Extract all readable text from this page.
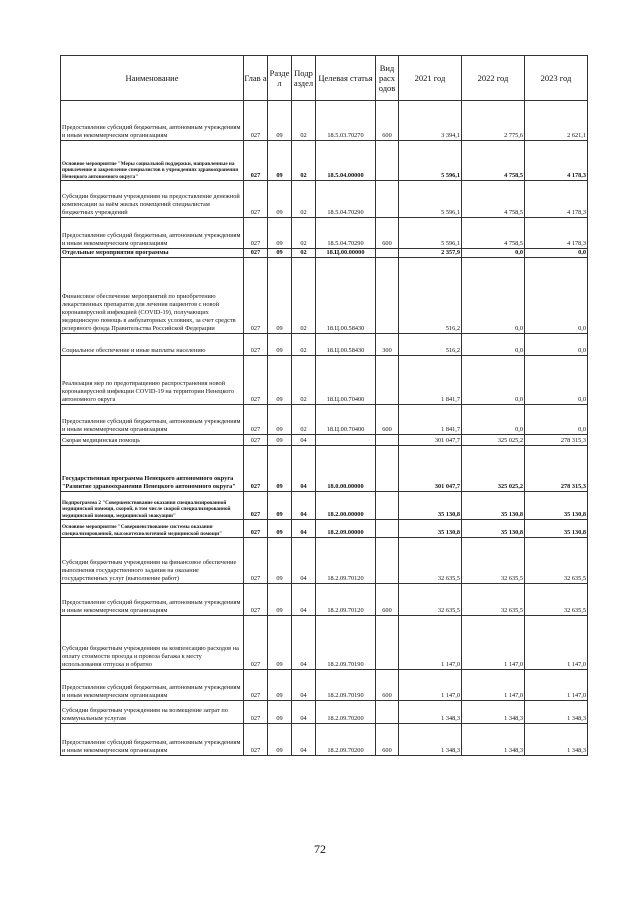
Наименование	Глав а	Разде л	Подр аздел	Целевая статья	Вид расх одов	2021 год	2022 год	2023 год
Предоставление субсидий бюджетным, автономным учреждениям и иным некоммерческим организациям	027	09	02	18.5.03.70270	600	3 394,1	2 775,6	2 621,1
Основное мероприятие "Меры социальной поддержки, направленные на привлечение и закрепление специалистов в учреждениях здравоохранения Ненецкого автономного округа"	027	09	02	18.5.04.00000		5 596,1	4 758,5	4 178,3
Субсидии бюджетным учреждениям на предоставление денежной компенсации за наём жилых помещений специалистам бюджетных учреждений	027	09	02	18.5.04.70290		5 596,1	4 758,5	4 178,3
Предоставление субсидий бюджетным, автономным учреждениям и иным некоммерческим организациям	027	09	02	18.5.04.70290	600	5 596,1	4 758,5	4 178,3
Отдельные мероприятия программы	027	09	02	18.Ц.00.00000		2 357,9	0,0	0,0
Финансовое обеспечение мероприятий по приобретению лекарственных препаратов для лечения пациентов с новой коронавирусной инфекцией (COVID-19), получающих медицинскую помощь в амбулаторных условиях, за счет средств резервного фонда Правительства Российской Федерации	027	09	02	18.Ц.00.58430		516,2	0,0	0,0
Социальное обеспечение и иные выплаты населению	027	09	02	18.Ц.00.58430	300	516,2	0,0	0,0
Реализация мер по предотвращению распространения новой коронавирусной инфекции COVID-19 на территории Ненецкого автономного округа	027	09	02	18.Ц.00.70400		1 841,7	0,0	0,0
Предоставление субсидий бюджетным, автономным учреждениям и иным некоммерческим организациям	027	09	02	18.Ц.00.70400	600	1 841,7	0,0	0,0
Скорая медицинская помощь	027	09	04			301 047,7	325 025,2	278 315,3
Государственная программа Ненецкого автономного округа "Развитие здравоохранения Ненецкого автономного округа"	027	09	04	18.0.00.00000		301 047,7	325 025,2	278 315,3
Подпрограмма 2 "Совершенствование оказания специализированной медицинской помощи, скорой, в том числе скорой специализированной медицинской помощи, медицинской эвакуации"	027	09	04	18.2.00.00000		35 130,8	35 130,8	35 130,8
Основное мероприятие "Совершенствование системы оказания специализированной, высокотехнологичной медицинской помощи"	027	09	04	18.2.09.00000		35 130,8	35 130,8	35 130,8
Субсидии бюджетным учреждениям на финансовое обеспечение выполнения государственного задания на оказание государственных услуг (выполнение работ)	027	09	04	18.2.09.70120		32 635,5	32 635,5	32 635,5
Предоставление субсидий бюджетным, автономным учреждениям и иным некоммерческим организациям	027	09	04	18.2.09.70120	600	32 635,5	32 635,5	32 635,5
Субсидии бюджетным учреждениям на компенсацию расходов на оплату стоимости проезда и провоза багажа к месту использования отпуска и обратно	027	09	04	18.2.09.70190		1 147,0	1 147,0	1 147,0
Предоставление субсидий бюджетным, автономным учреждениям и иным некоммерческим организациям	027	09	04	18.2.09.70190	600	1 147,0	1 147,0	1 147,0
Субсидии бюджетным учреждениям на возмещение затрат по коммунальным услугам	027	09	04	18.2.09.70200		1 348,3	1 348,3	1 348,3
Предоставление субсидий бюджетным, автономным учреждениям и иным некоммерческим организациям	027	09	04	18.2.09.70200	600	1 348,3	1 348,3	1 348,3
72
